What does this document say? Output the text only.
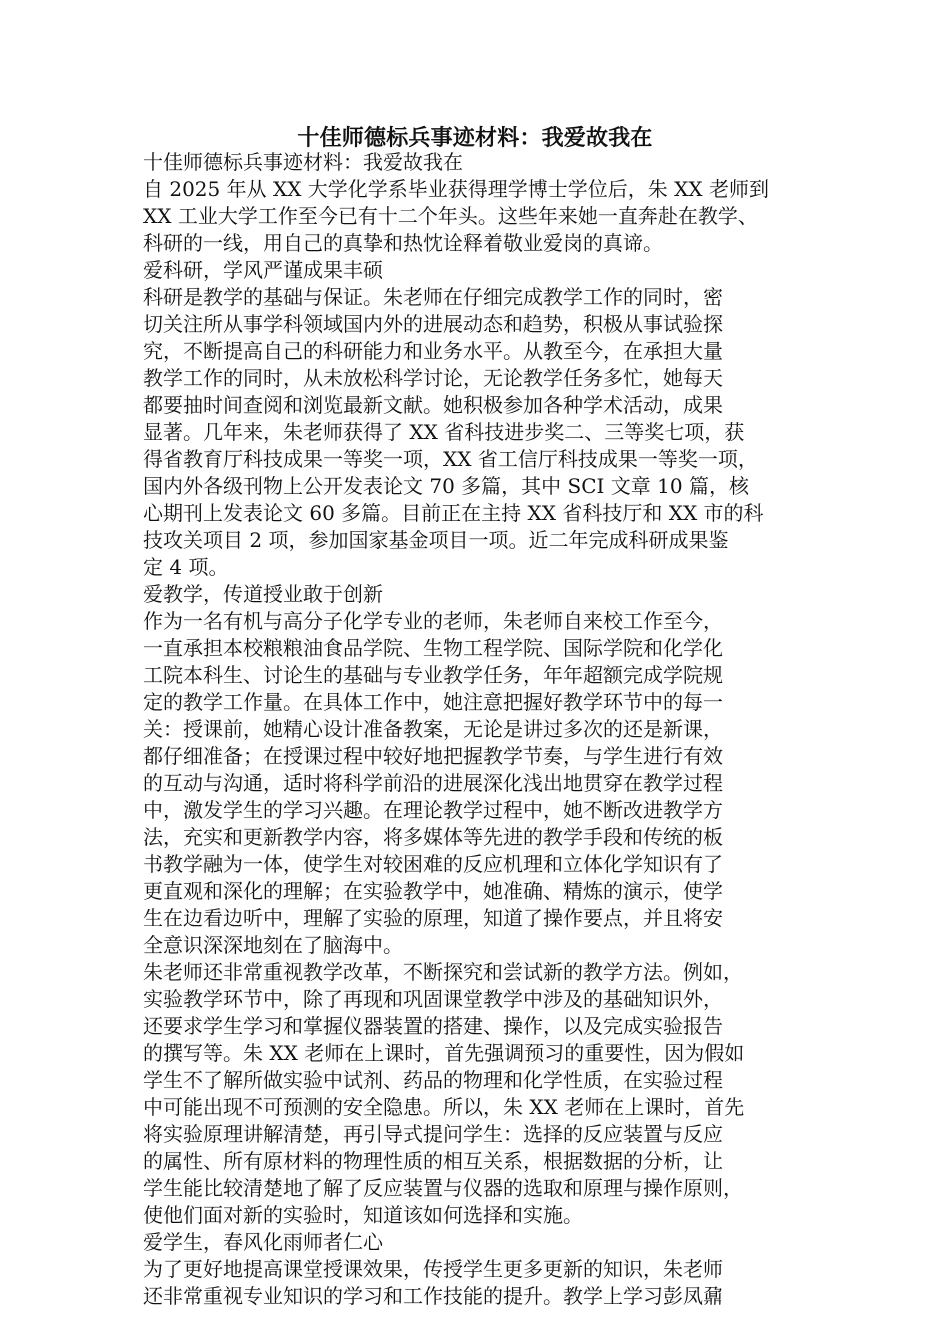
十佳师德标兵事迹材料：我爱故我在
十佳师德标兵事迹材料：我爱故我在
自 2025 年从 XX 大学化学系毕业获得理学博士学位后，朱 XX 老师到
XX 工业大学工作至今已有十二个年头。这些年来她一直奔赴在教学、
科研的一线，用自己的真挚和热忱诠释着敬业爱岗的真谛。
爱科研，学风严谨成果丰硕
科研是教学的基础与保证。朱老师在仔细完成教学工作的同时，密
切关注所从事学科领域国内外的进展动态和趋势，积极从事试验探
究，不断提高自己的科研能力和业务水平。从教至今，在承担大量
教学工作的同时，从未放松科学讨论，无论教学任务多忙，她每天
都要抽时间查阅和浏览最新文献。她积极参加各种学术活动，成果
显著。几年来，朱老师获得了 XX 省科技进步奖二、三等奖七项，获
得省教育厅科技成果一等奖一项，XX 省工信厅科技成果一等奖一项，
国内外各级刊物上公开发表论文 70 多篇，其中 SCI 文章 10 篇，核
心期刊上发表论文 60 多篇。目前正在主持 XX 省科技厅和 XX 市的科
技攻关项目 2 项，参加国家基金项目一项。近二年完成科研成果鉴
定 4 项。
爱教学，传道授业敢于创新
作为一名有机与高分子化学专业的老师，朱老师自来校工作至今，
一直承担本校粮粮油食品学院、生物工程学院、国际学院和化学化
工院本科生、讨论生的基础与专业教学任务，年年超额完成学院规
定的教学工作量。在具体工作中，她注意把握好教学环节中的每一
关：授课前，她精心设计准备教案，无论是讲过多次的还是新课，
都仔细准备；在授课过程中较好地把握教学节奏，与学生进行有效
的互动与沟通，适时将科学前沿的进展深化浅出地贯穿在教学过程
中，激发学生的学习兴趣。在理论教学过程中，她不断改进教学方
法，充实和更新教学内容，将多媒体等先进的教学手段和传统的板
书教学融为一体，使学生对较困难的反应机理和立体化学知识有了
更直观和深化的理解；在实验教学中，她准确、精炼的演示，使学
生在边看边听中，理解了实验的原理，知道了操作要点，并且将安
全意识深深地刻在了脑海中。
朱老师还非常重视教学改革，不断探究和尝试新的教学方法。例如，
实验教学环节中，除了再现和巩固课堂教学中涉及的基础知识外，
还要求学生学习和掌握仪器装置的搭建、操作，以及完成实验报告
的撰写等。朱 XX 老师在上课时，首先强调预习的重要性，因为假如
学生不了解所做实验中试剂、药品的物理和化学性质，在实验过程
中可能出现不可预测的安全隐患。所以，朱 XX 老师在上课时，首先
将实验原理讲解清楚，再引导式提问学生：选择的反应装置与反应
的属性、所有原材料的物理性质的相互关系，根据数据的分析，让
学生能比较清楚地了解了反应装置与仪器的选取和原理与操作原则，
使他们面对新的实验时，知道该如何选择和实施。
爱学生，春风化雨师者仁心
为了更好地提高课堂授课效果，传授学生更多更新的知识，朱老师
还非常重视专业知识的学习和工作技能的提升。教学上学习彭凤鼐
